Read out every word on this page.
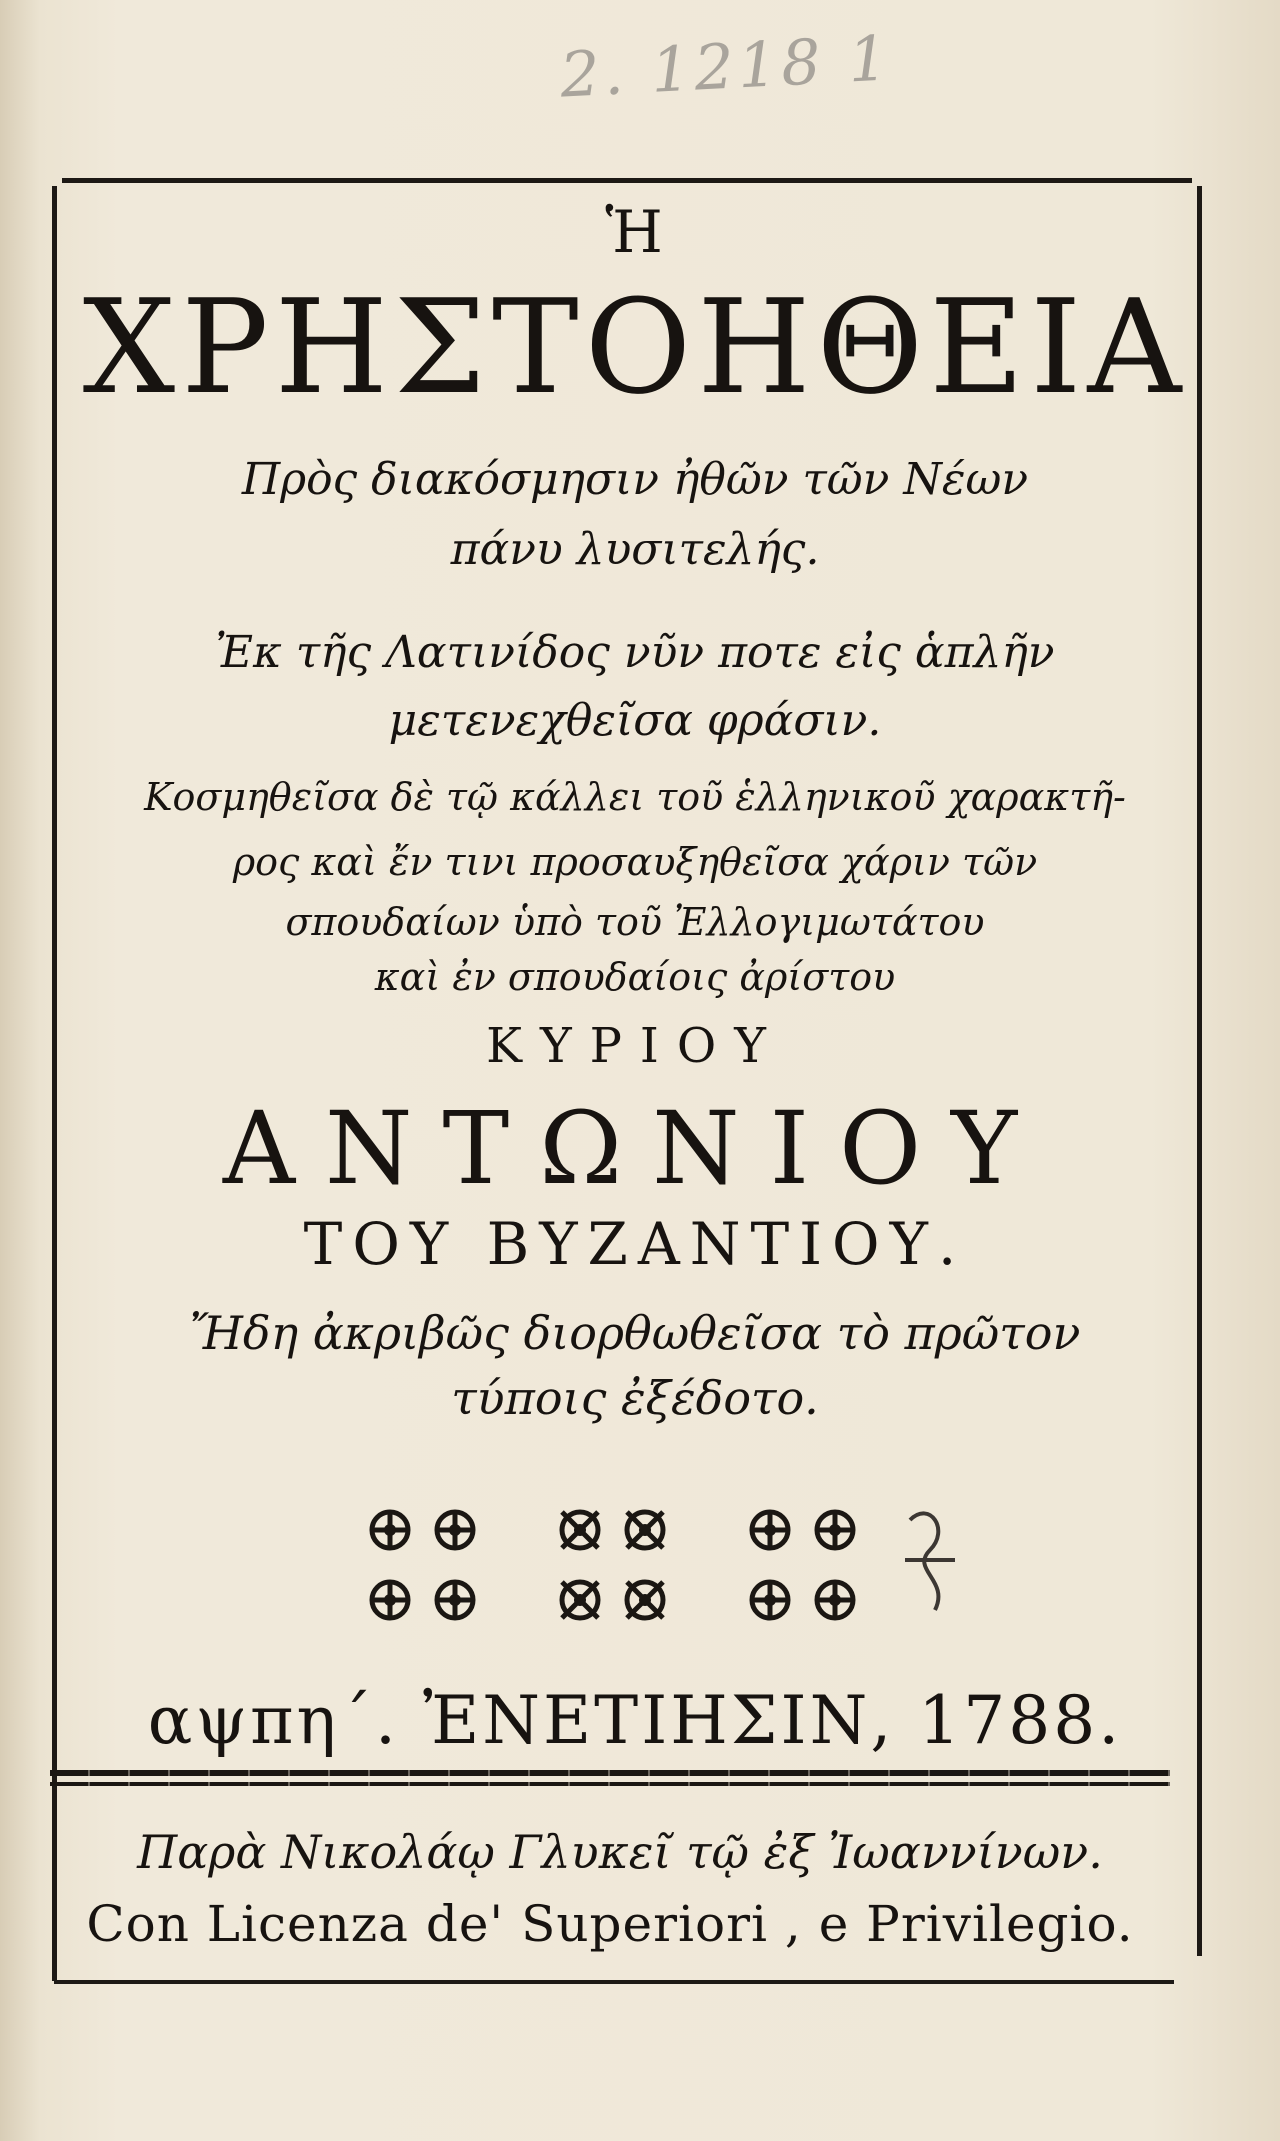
2. 1218 1
Ἡ
ΧΡΗΣΤΟΗΘΕΙΑ
Πρὸς διακόσμησιν ἠθῶν τῶν Νέων
πάνυ λυσιτελής.
Ἐκ τῆς Λατινίδος νῦν ποτε εἰς ἁπλῆν
μετενεχθεῖσα φράσιν.
Κοσμηθεῖσα δὲ τῷ κάλλει τοῦ ἑλληνικοῦ χαρακτῆ-
ρος καὶ ἔν τινι προσαυξηθεῖσα χάριν τῶν
σπουδαίων ὑπὸ τοῦ Ἐλλογιμωτάτου
καὶ ἐν σπουδαίοις ἀρίστου
ΚΥΡΙΟΥ
ΑΝΤΩΝΙΟΥ
ΤΟΥ ΒΥΖΑΝΤΙΟΥ.
Ἤδη ἀκριβῶς διορθωθεῖσα τὸ πρῶτον
τύποις ἐξέδοτο.
αψπη΄. ἘΝΕΤΙΗΣΙΝ, 1788.
Παρὰ Νικολάῳ Γλυκεῖ τῷ ἐξ Ἰωαννίνων.
Con Licenza de' Superiori , e Privilegio.
